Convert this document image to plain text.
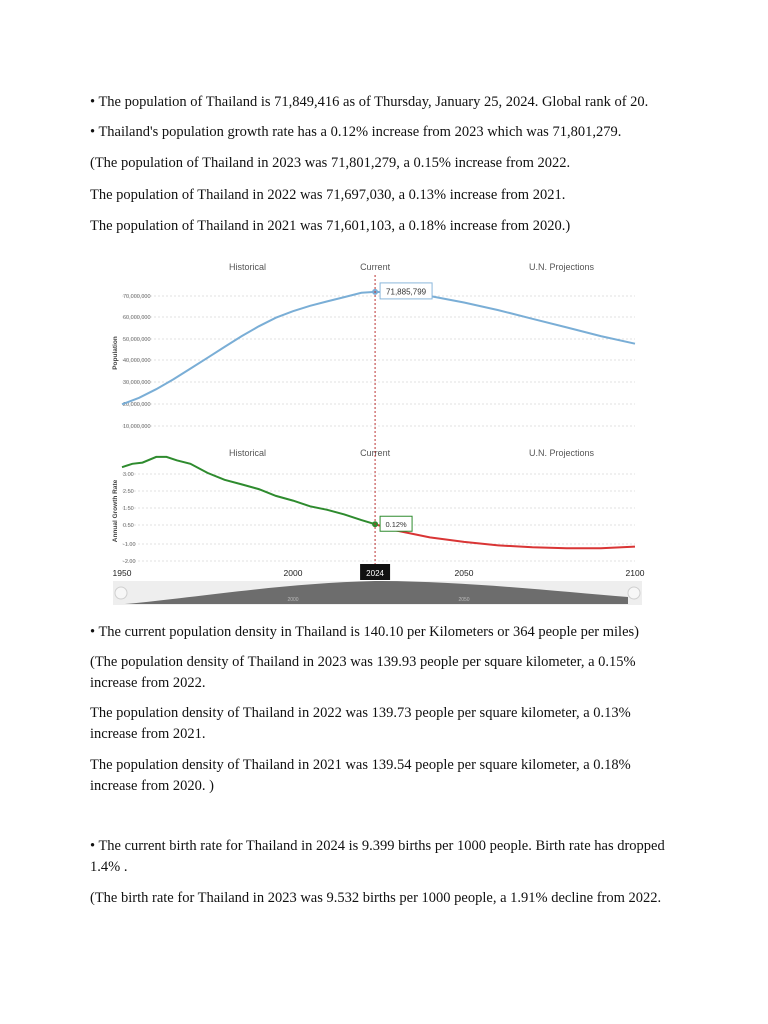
• The population of Thailand is 71,849,416 as of Thursday, January 25, 2024. Global rank of 20.

• Thailand's population growth rate has a 0.12% increase from 2023 which was 71,801,279.

(The population of Thailand in 2023 was 71,801,279, a 0.15% increase from 2022.

The population of Thailand in 2022 was 71,697,030, a 0.13% increase from 2021.

The population of Thailand in 2021 was 71,601,103, a 0.18% increase from 2020.)

Historical	Current	U.N. Projections
70,000,000
60,000,000
50,000,000
40,000,000
30,000,000
20,000,000
10,000,000
Population
71,885,799
Historical	Current	U.N. Projections
3.00
2.50
1.50
0.50
-1.00
-2.00
Annual Growth Rate	0.12%
1950	2000	2024	2050	2100
2000	2050

• The current population density in Thailand is 140.10 per Kilometers or 364 people per miles)

(The population density of Thailand in 2023 was 139.93 people per square kilometer, a 0.15% increase from 2022.

The population density of Thailand in 2022 was 139.73 people per square kilometer, a 0.13% increase from 2021.

The population density of Thailand in 2021 was 139.54 people per square kilometer, a 0.18% increase from 2020. )

• The current birth rate for Thailand in 2024 is 9.399 births per 1000 people. Birth rate has dropped 1.4% .

(The birth rate for Thailand in 2023 was 9.532 births per 1000 people, a 1.91% decline from 2022.
